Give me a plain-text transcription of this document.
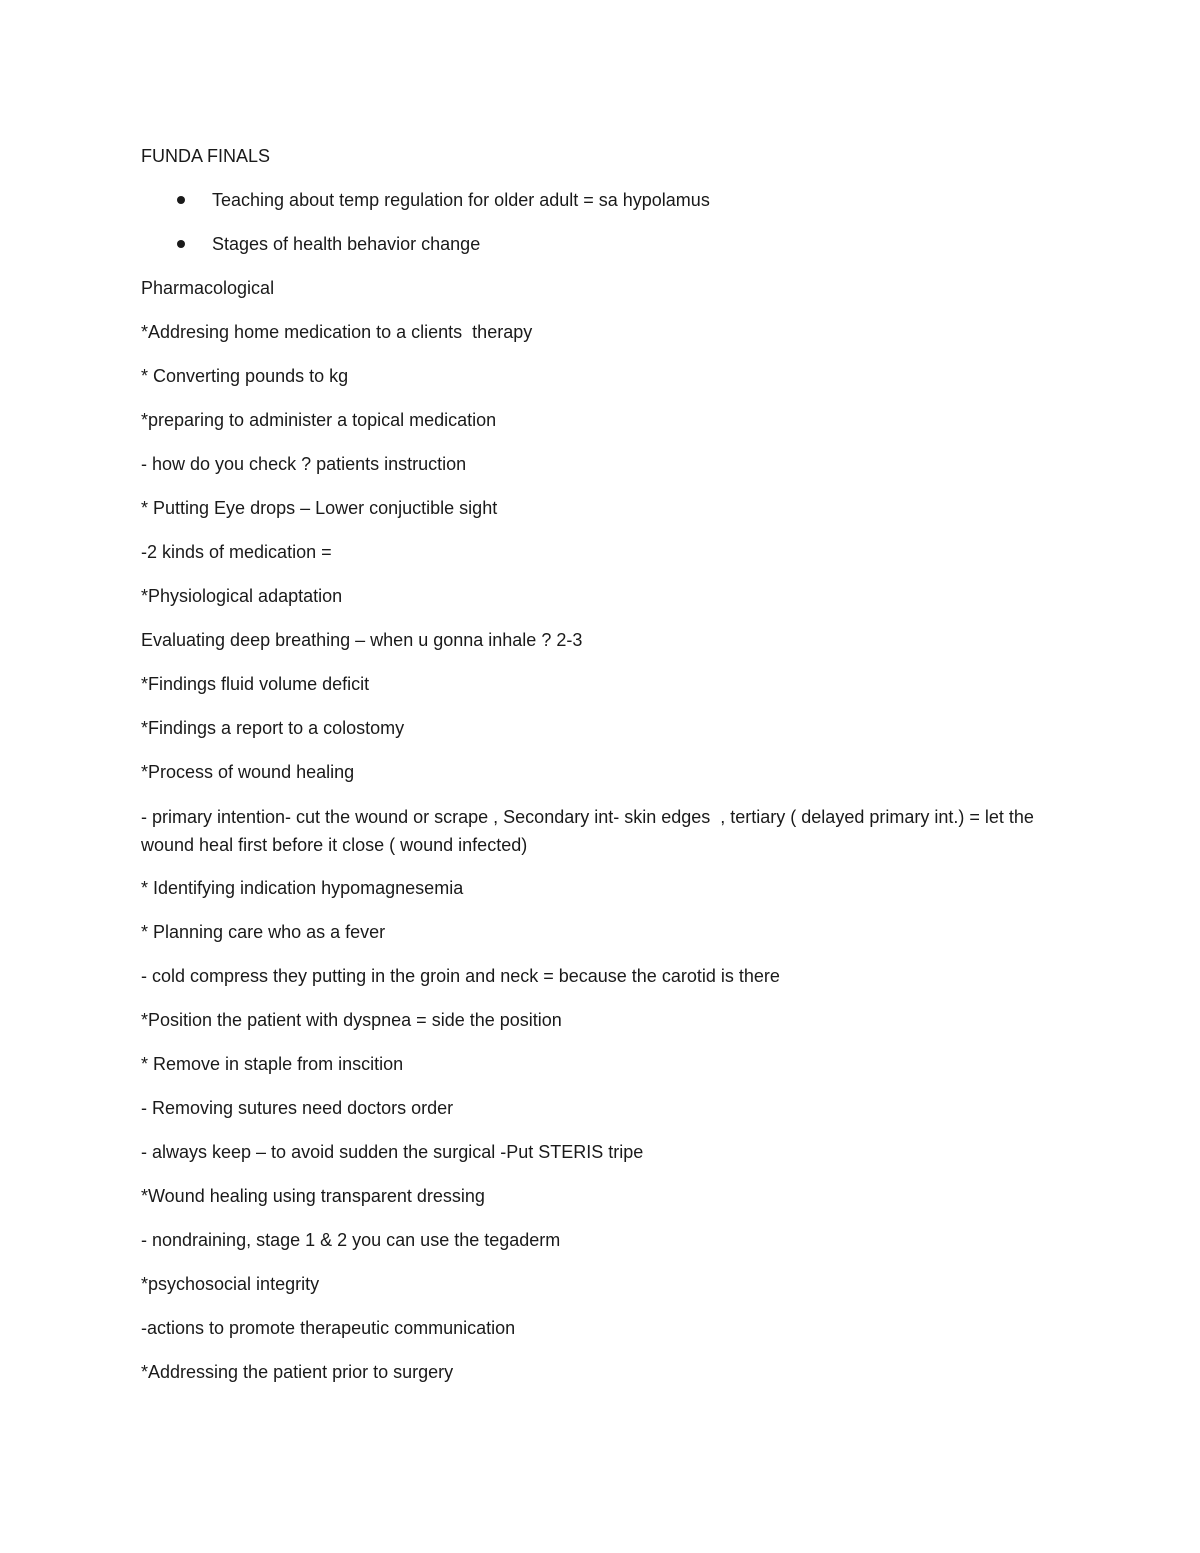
FUNDA FINALS
Teaching about temp regulation for older adult = sa hypolamus
Stages of health behavior change
Pharmacological
*Addresing home medication to a clients  therapy
* Converting pounds to kg
*preparing to administer a topical medication
- how do you check ? patients instruction
* Putting Eye drops – Lower conjuctible sight
-2 kinds of medication =
*Physiological adaptation
Evaluating deep breathing – when u gonna inhale ? 2-3
*Findings fluid volume deficit
*Findings a report to a colostomy
*Process of wound healing
- primary intention- cut the wound or scrape , Secondary int- skin edges  , tertiary ( delayed primary int.) = let the wound heal first before it close ( wound infected)
* Identifying indication hypomagnesemia
* Planning care who as a fever
- cold compress they putting in the groin and neck = because the carotid is there
*Position the patient with dyspnea = side the position
* Remove in staple from inscition
- Removing sutures need doctors order
- always keep – to avoid sudden the surgical -Put STERIS tripe
*Wound healing using transparent dressing
- nondraining, stage 1 & 2 you can use the tegaderm
*psychosocial integrity
-actions to promote therapeutic communication
*Addressing the patient prior to surgery
